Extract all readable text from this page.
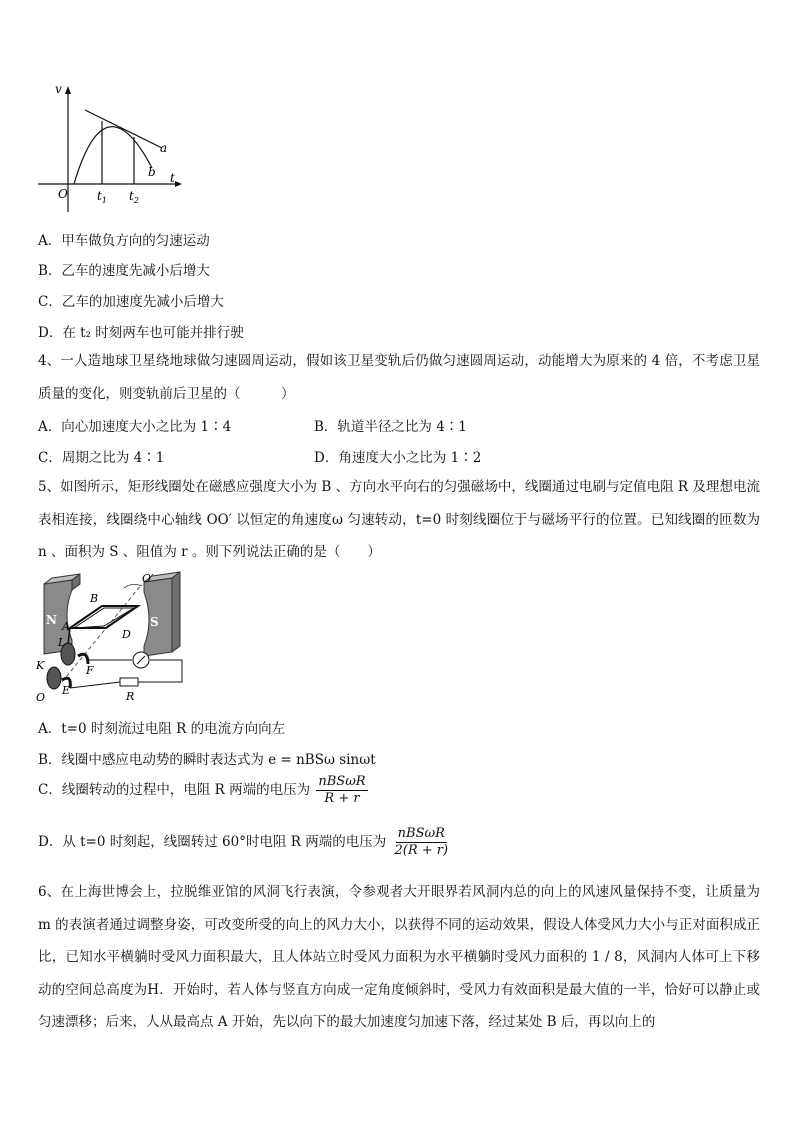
v
t
O $t_1$ $t_2$
a
b
A．甲车做负方向的匀速运动
B．乙车的速度先减小后增大
C．乙车的加速度先减小后增大
D．在 t₂ 时刻两车也可能并排行驶
4、一人造地球卫星绕地球做匀速圆周运动，假如该卫星变轨后仍做匀速圆周运动，动能增大为原来的 4 倍，不考虑卫星质量的变化，则变轨前后卫星的（　　　）
A．向心加速度大小之比为 1∶4	B．轨道半径之比为 4∶1
C．周期之比为 4∶1	D．角速度大小之比为 1∶2
5、如图所示，矩形线圈处在磁感应强度大小为 B 、方向水平向右的匀强磁场中，线圈通过电刷与定值电阻 R 及理想电流表相连接，线圈绕中心轴线 OO′ 以恒定的角速度ω 匀速转动，t=0 时刻线圈位于与磁场平行的位置。已知线圈的匝数为 n 、面积为 S 、阻值为 r 。则下列说法正确的是（　　）
N	S
O′
B
A
D
L
K	F
O
E	R
A．t=0 时刻流过电阻 R 的电流方向向左
B．线圈中感应电动势的瞬时表达式为 e = nBSω sinωt
C．线圈转动的过程中，电阻 R 两端的电压为 $\frac{\text{nBSωR}}{R + r}$
D．从 t=0 时刻起，线圈转过 60°时电阻 R 两端的电压为 $\frac{\text{nBSωR}}{2(R + r)}$
6、在上海世博会上，拉脱维亚馆的风洞飞行表演，令参观者大开眼界若风洞内总的向上的风速风量保持不变，让质量为m 的表演者通过调整身姿，可改变所受的向上的风力大小，以获得不同的运动效果，假设人体受风力大小与正对面积成正比，已知水平横躺时受风力面积最大，且人体站立时受风力面积为水平横躺时受风力面积的 1 / 8，风洞内人体可上下移动的空间总高度为H．开始时，若人体与竖直方向成一定角度倾斜时，受风力有效面积是最大值的一半，恰好可以静止或匀速漂移；后来，人从最高点 A 开始，先以向下的最大加速度匀加速下落，经过某处 B 后，再以向上的
